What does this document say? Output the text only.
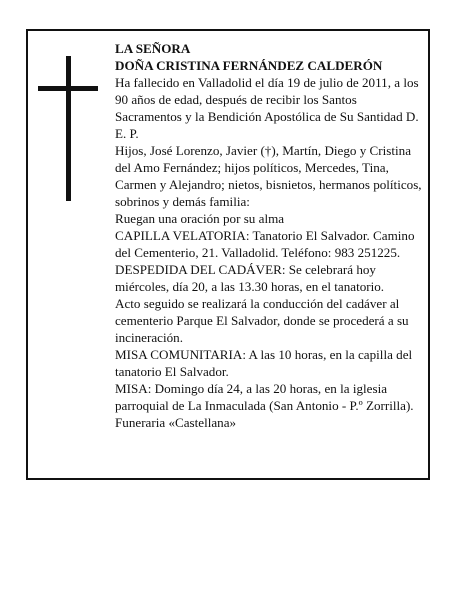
LA SEÑORA

DOÑA CRISTINA FERNÁNDEZ CALDERÓN

Ha fallecido en Valladolid el día 19 de julio de 2011, a los 90 años de edad, después de recibir los Santos Sacramentos y la Bendición Apostólica de Su Santidad D. E. P.

Hijos, José Lorenzo, Javier (†), Martín, Diego y Cristina del Amo Fernández; hijos políticos, Mercedes, Tina, Carmen y Alejandro; nietos, bisnietos, hermanos políticos, sobrinos y demás familia:

Ruegan una oración por su alma

CAPILLA VELATORIA: Tanatorio El Salvador. Camino del Cementerio, 21. Valladolid. Teléfono: 983 251225.

DESPEDIDA DEL CADÁVER: Se celebrará hoy miércoles, día 20, a las 13.30 horas, en el tanatorio.

Acto seguido se realizará la conducción del cadáver al cementerio Parque El Salvador, donde se procederá a su incineración.

MISA COMUNITARIA: A las 10 horas, en la capilla del tanatorio El Salvador.

MISA: Domingo día 24, a las 20 horas, en la iglesia parroquial de La Inmaculada (San Antonio - P.º Zorrilla).

Funeraria «Castellana»
